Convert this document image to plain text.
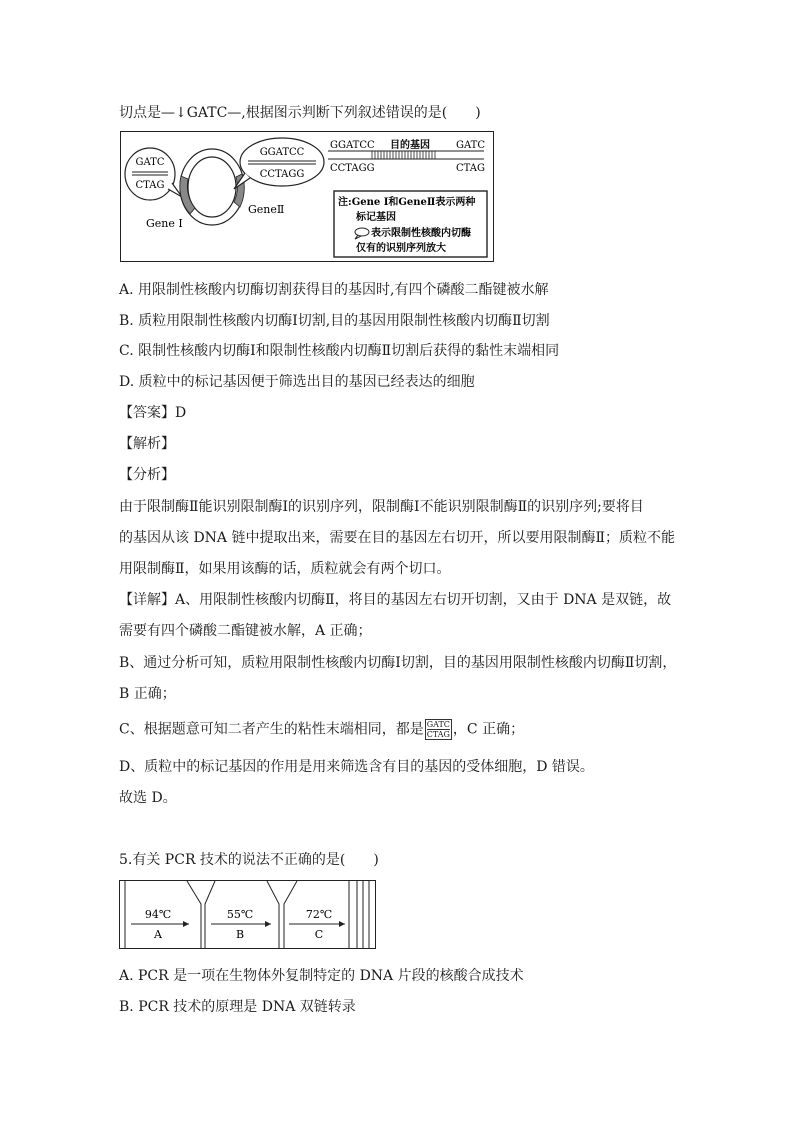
切点是—↓GATC—,根据图示判断下列叙述错误的是(　　)
GATC
CTAG
GGATCC
CCTAGG
Gene Ⅰ
GeneⅡ
GGATCC 目的基因	GATC
CCTAGG	CTAG
注:Gene Ⅰ和GeneⅡ表示两种
标记基因
表示限制性核酸内切酶
仅有的识别序列放大
A. 用限制性核酸内切酶切割获得目的基因时,有四个磷酸二酯键被水解
B. 质粒用限制性核酸内切酶Ⅰ切割,目的基因用限制性核酸内切酶Ⅱ切割
C. 限制性核酸内切酶Ⅰ和限制性核酸内切酶Ⅱ切割后获得的黏性末端相同
D. 质粒中的标记基因便于筛选出目的基因已经表达的细胞
【答案】D
【解析】
【分析】
由于限制酶Ⅱ能识别限制酶Ⅰ的识别序列，限制酶Ⅰ不能识别限制酶Ⅱ的识别序列;要将目
的基因从该 DNA 链中提取出来，需要在目的基因左右切开，所以要用限制酶Ⅱ；质粒不能
用限制酶Ⅱ，如果用该酶的话，质粒就会有两个切口。
【详解】A、用限制性核酸内切酶Ⅱ，将目的基因左右切开切割，又由于 DNA 是双链，故
需要有四个磷酸二酯键被水解，A 正确；
B、通过分析可知，质粒用限制性核酸内切酶Ⅰ切割，目的基因用限制性核酸内切酶Ⅱ切割，
B 正确；
C、根据题意可知二者产生的粘性末端相同，都是 GATC
CTAG ，C 正确；
D、质粒中的标记基因的作用是用来筛选含有目的基因的受体细胞，D 错误。
故选 D。
5.有关 PCR 技术的说法不正确的是(　　)
94℃
A
55℃
B
72℃
C
A. PCR 是一项在生物体外复制特定的 DNA 片段的核酸合成技术
B. PCR 技术的原理是 DNA 双链转录
